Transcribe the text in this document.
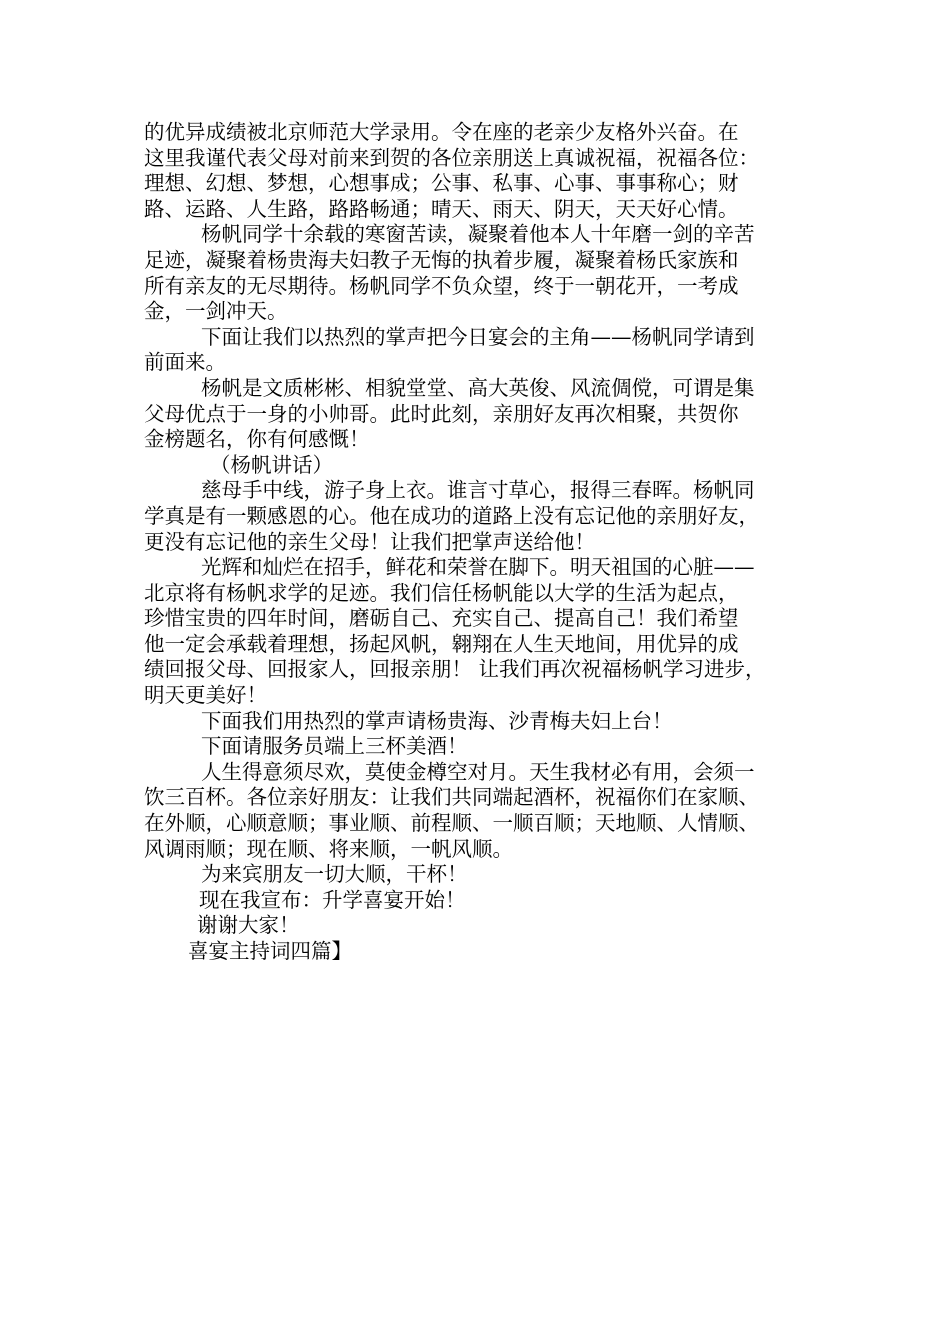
的优异成绩被北京师范大学录用。令在座的老亲少友格外兴奋。在
这里我谨代表父母对前来到贺的各位亲朋送上真诚祝福，祝福各位：
理想、幻想、梦想，心想事成；公事、私事、心事、事事称心；财
路、运路、人生路，路路畅通；晴天、雨天、阴天，天天好心情。
杨帆同学十余载的寒窗苦读，凝聚着他本人十年磨一剑的辛苦
足迹，凝聚着杨贵海夫妇教子无悔的执着步履，凝聚着杨氏家族和
所有亲友的无尽期待。杨帆同学不负众望，终于一朝花开，一考成
金，一剑冲天。
下面让我们以热烈的掌声把今日宴会的主角——杨帆同学请到
前面来。
杨帆是文质彬彬、相貌堂堂、高大英俊、风流倜傥，可谓是集
父母优点于一身的小帅哥。此时此刻，亲朋好友再次相聚，共贺你
金榜题名，你有何感慨！
（杨帆讲话）
慈母手中线，游子身上衣。谁言寸草心，报得三春晖。杨帆同
学真是有一颗感恩的心。他在成功的道路上没有忘记他的亲朋好友，
更没有忘记他的亲生父母！让我们把掌声送给他！
光辉和灿烂在招手，鲜花和荣誉在脚下。明天祖国的心脏——
北京将有杨帆求学的足迹。我们信任杨帆能以大学的生活为起点，
珍惜宝贵的四年时间，磨砺自己、充实自己、提高自己！我们希望
他一定会承载着理想，扬起风帆，翱翔在人生天地间，用优异的成
绩回报父母、回报家人，回报亲朋！ 让我们再次祝福杨帆学习进步，
明天更美好！
下面我们用热烈的掌声请杨贵海、沙青梅夫妇上台！
下面请服务员端上三杯美酒！
人生得意须尽欢，莫使金樽空对月。天生我材必有用，会须一
饮三百杯。各位亲好朋友：让我们共同端起酒杯，祝福你们在家顺、
在外顺，心顺意顺；事业顺、前程顺、一顺百顺；天地顺、人情顺、
风调雨顺；现在顺、将来顺，一帆风顺。
为来宾朋友一切大顺，干杯！
现在我宣布：升学喜宴开始！
谢谢大家！
喜宴主持词四篇】
